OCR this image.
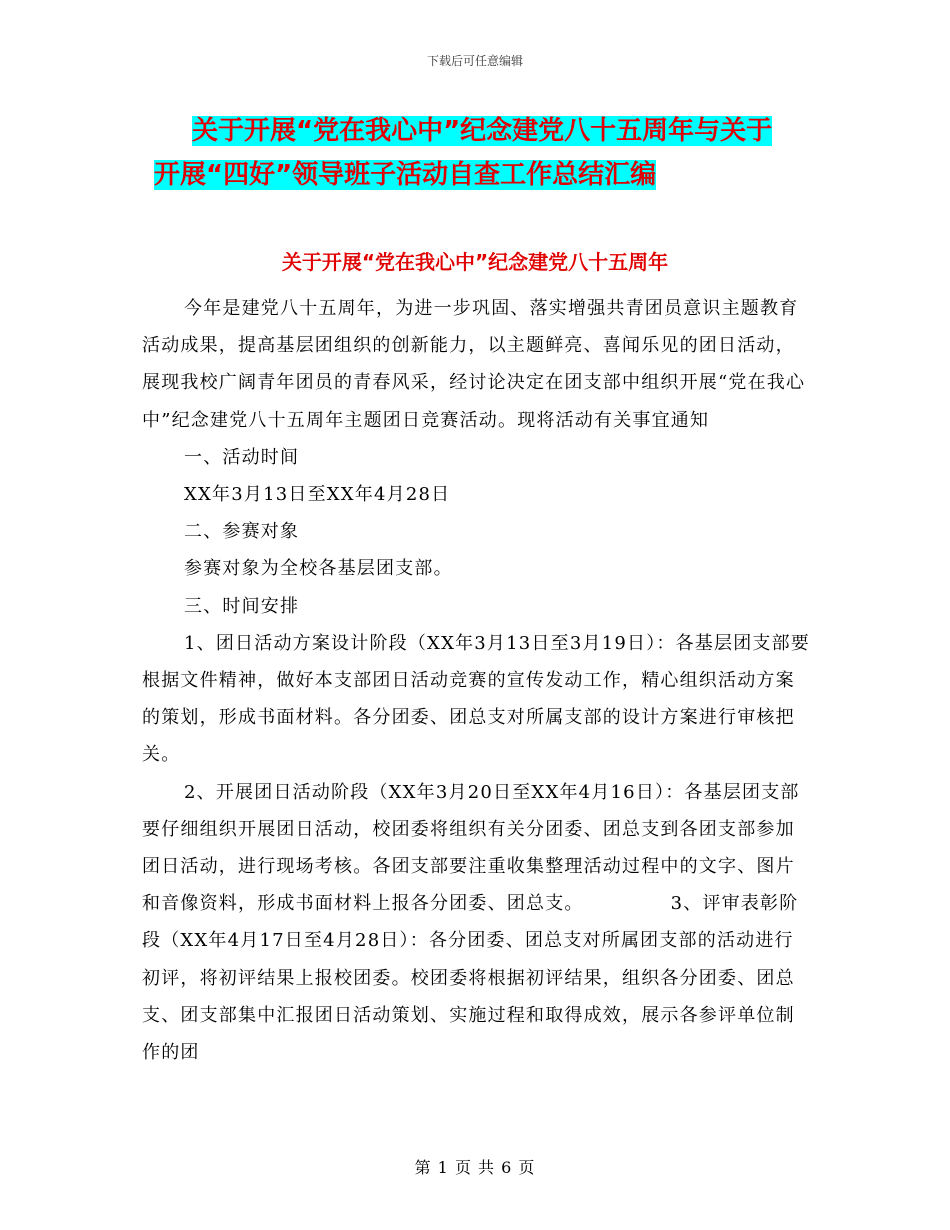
下载后可任意编辑
关于开展“党在我心中”纪念建党八十五周年与关于
开展“四好”领导班子活动自查工作总结汇编
关于开展“党在我心中”纪念建党八十五周年

今年是建党八十五周年，为进一步巩固、落实增强共青团员意识主题教育活动成果，提高基层团组织的创新能力，以主题鲜亮、喜闻乐见的团日活动，展现我校广阔青年团员的青春风采，经讨论决定在团支部中组织开展“党在我心中”纪念建党八十五周年主题团日竞赛活动。现将活动有关事宜通知

一、活动时间

XX年3月13日至XX年4月28日

二、参赛对象

参赛对象为全校各基层团支部。

三、时间安排

1、团日活动方案设计阶段（XX年3月13日至3月19日）：各基层团支部要根据文件精神，做好本支部团日活动竞赛的宣传发动工作，精心组织活动方案的策划，形成书面材料。各分团委、团总支对所属支部的设计方案进行审核把关。

2、开展团日活动阶段（XX年3月20日至XX年4月16日）：各基层团支部要仔细组织开展团日活动，校团委将组织有关分团委、团总支到各团支部参加团日活动，进行现场考核。各团支部要注重收集整理活动过程中的文字、图片和音像资料，形成书面材料上报各分团委、团总支。　　　　　3、评审表彰阶段（XX年4月17日至4月28日）：各分团委、团总支对所属团支部的活动进行初评，将初评结果上报校团委。校团委将根据初评结果，组织各分团委、团总支、团支部集中汇报团日活动策划、实施过程和取得成效，展示各参评单位制作的团

第 1 页 共 6 页
